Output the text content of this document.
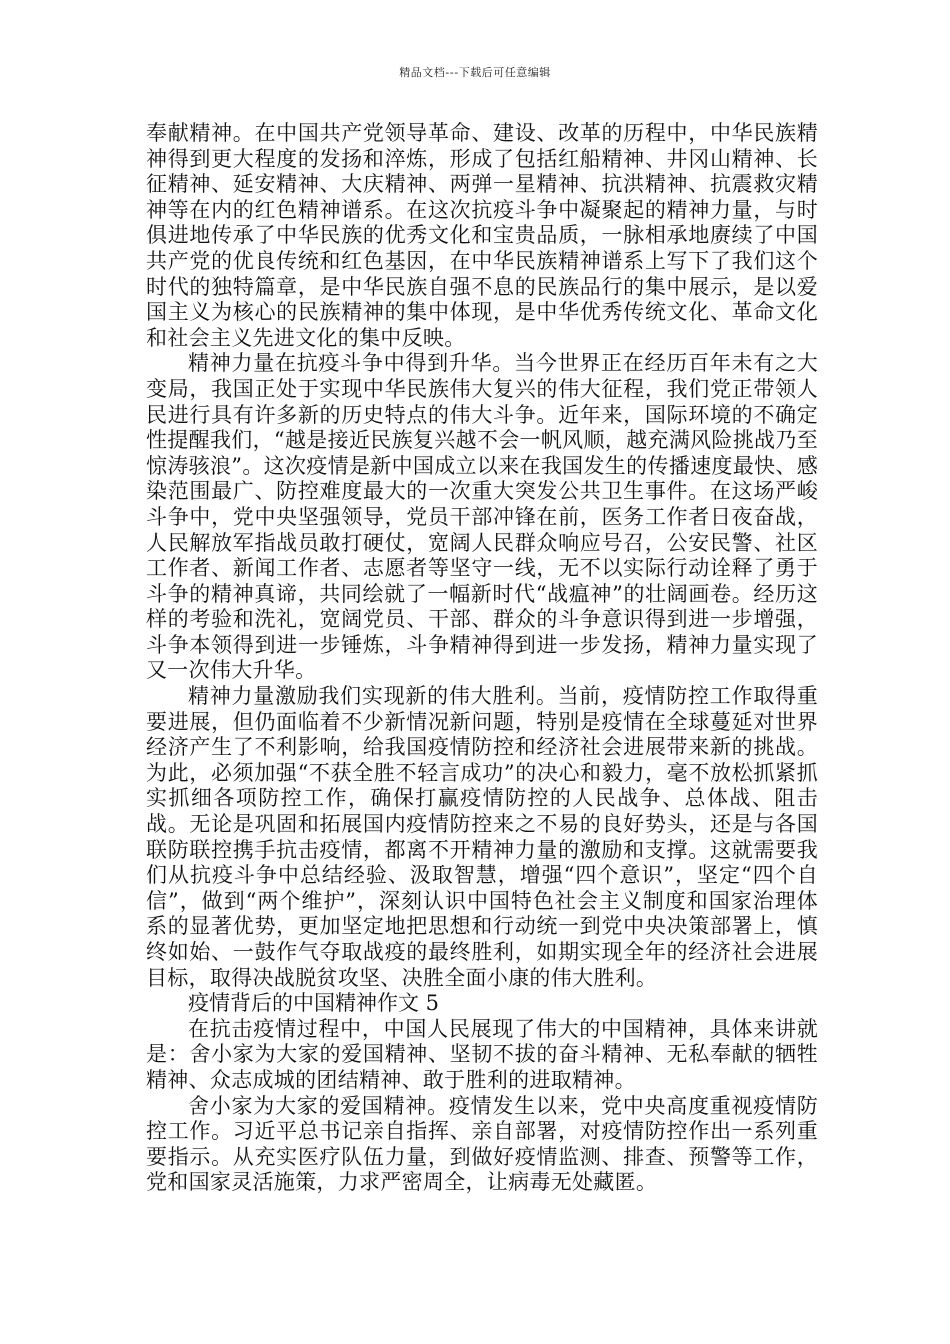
精品文档---下载后可任意编辑

奉献精神。在中国共产党领导革命、建设、改革的历程中，中华民族精神得到更大程度的发扬和淬炼，形成了包括红船精神、井冈山精神、长征精神、延安精神、大庆精神、两弹一星精神、抗洪精神、抗震救灾精神等在内的红色精神谱系。在这次抗疫斗争中凝聚起的精神力量，与时俱进地传承了中华民族的优秀文化和宝贵品质，一脉相承地赓续了中国共产党的优良传统和红色基因，在中华民族精神谱系上写下了我们这个时代的独特篇章，是中华民族自强不息的民族品行的集中展示，是以爱国主义为核心的民族精神的集中体现，是中华优秀传统文化、革命文化和社会主义先进文化的集中反映。

精神力量在抗疫斗争中得到升华。当今世界正在经历百年未有之大变局，我国正处于实现中华民族伟大复兴的伟大征程，我们党正带领人民进行具有许多新的历史特点的伟大斗争。近年来，国际环境的不确定性提醒我们，“越是接近民族复兴越不会一帆风顺，越充满风险挑战乃至惊涛骇浪”。这次疫情是新中国成立以来在我国发生的传播速度最快、感染范围最广、防控难度最大的一次重大突发公共卫生事件。在这场严峻斗争中，党中央坚强领导，党员干部冲锋在前，医务工作者日夜奋战，人民解放军指战员敢打硬仗，宽阔人民群众响应号召，公安民警、社区工作者、新闻工作者、志愿者等坚守一线，无不以实际行动诠释了勇于斗争的精神真谛，共同绘就了一幅新时代“战瘟神”的壮阔画卷。经历这样的考验和洗礼，宽阔党员、干部、群众的斗争意识得到进一步增强，斗争本领得到进一步锤炼，斗争精神得到进一步发扬，精神力量实现了又一次伟大升华。

精神力量激励我们实现新的伟大胜利。当前，疫情防控工作取得重要进展，但仍面临着不少新情况新问题，特别是疫情在全球蔓延对世界经济产生了不利影响，给我国疫情防控和经济社会进展带来新的挑战。为此，必须加强“不获全胜不轻言成功”的决心和毅力，毫不放松抓紧抓实抓细各项防控工作，确保打赢疫情防控的人民战争、总体战、阻击战。无论是巩固和拓展国内疫情防控来之不易的良好势头，还是与各国联防联控携手抗击疫情，都离不开精神力量的激励和支撑。这就需要我们从抗疫斗争中总结经验、汲取智慧，增强“四个意识”，坚定“四个自信”，做到“两个维护”，深刻认识中国特色社会主义制度和国家治理体系的显著优势，更加坚定地把思想和行动统一到党中央决策部署上，慎终如始、一鼓作气夺取战疫的最终胜利，如期实现全年的经济社会进展目标，取得决战脱贫攻坚、决胜全面小康的伟大胜利。

疫情背后的中国精神作文 5

在抗击疫情过程中，中国人民展现了伟大的中国精神，具体来讲就是：舍小家为大家的爱国精神、坚韧不拔的奋斗精神、无私奉献的牺牲精神、众志成城的团结精神、敢于胜利的进取精神。

舍小家为大家的爱国精神。疫情发生以来，党中央高度重视疫情防控工作。习近平总书记亲自指挥、亲自部署，对疫情防控作出一系列重要指示。从充实医疗队伍力量，到做好疫情监测、排查、预警等工作，党和国家灵活施策，力求严密周全，让病毒无处藏匿。
